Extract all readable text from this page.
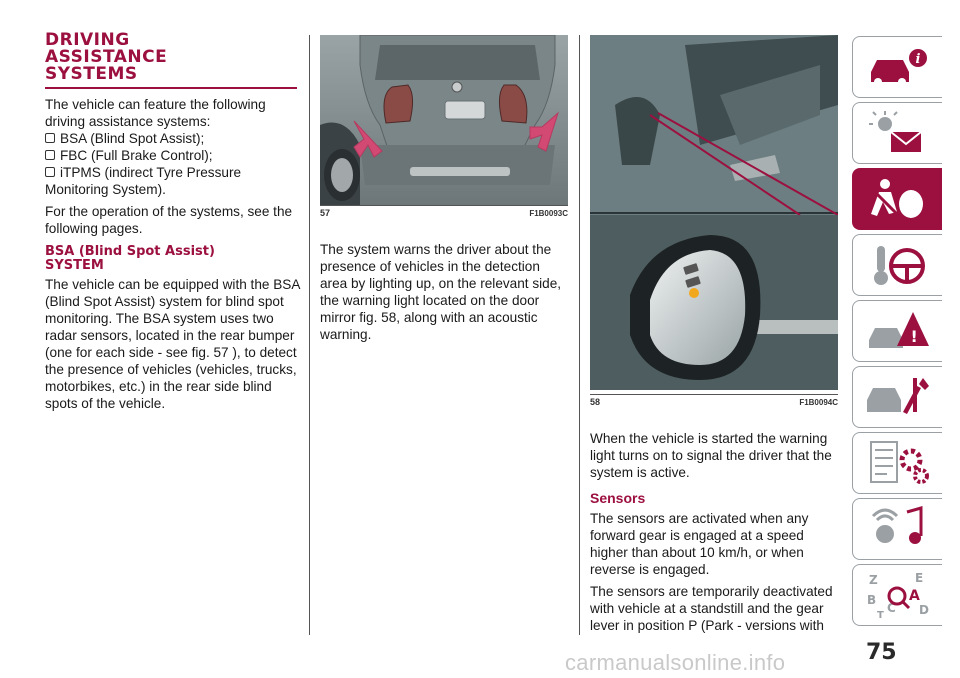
DRIVING
ASSISTANCE
SYSTEMS
The vehicle can feature the following driving assistance systems:
BSA (Blind Spot Assist);
FBC (Full Brake Control);
iTPMS (indirect Tyre Pressure
Monitoring System).
For the operation of the systems, see the following pages.
BSA (Blind Spot Assist)
SYSTEM
The vehicle can be equipped with the BSA (Blind Spot Assist) system for blind spot monitoring. The BSA system uses two radar sensors, located in the rear bumper (one for each side - see fig. 57 ), to detect the presence of vehicles (vehicles, trucks, motorbikes, etc.) in the rear side blind spots of the vehicle.
57	F1B0093C
The system warns the driver about the presence of vehicles in the detection area by lighting up, on the relevant side, the warning light located on the door mirror fig. 58, along with an acoustic warning.
58	F1B0094C
When the vehicle is started the warning light turns on to signal the driver that the system is active.
Sensors
The sensors are activated when any forward gear is engaged at a speed higher than about 10 km/h, or when reverse is engaged.
The sensors are temporarily deactivated with vehicle at a standstill and the gear lever in position P (Park - versions with
i
!
Z	E
B A
C D
T
75
carmanualsonline.info
